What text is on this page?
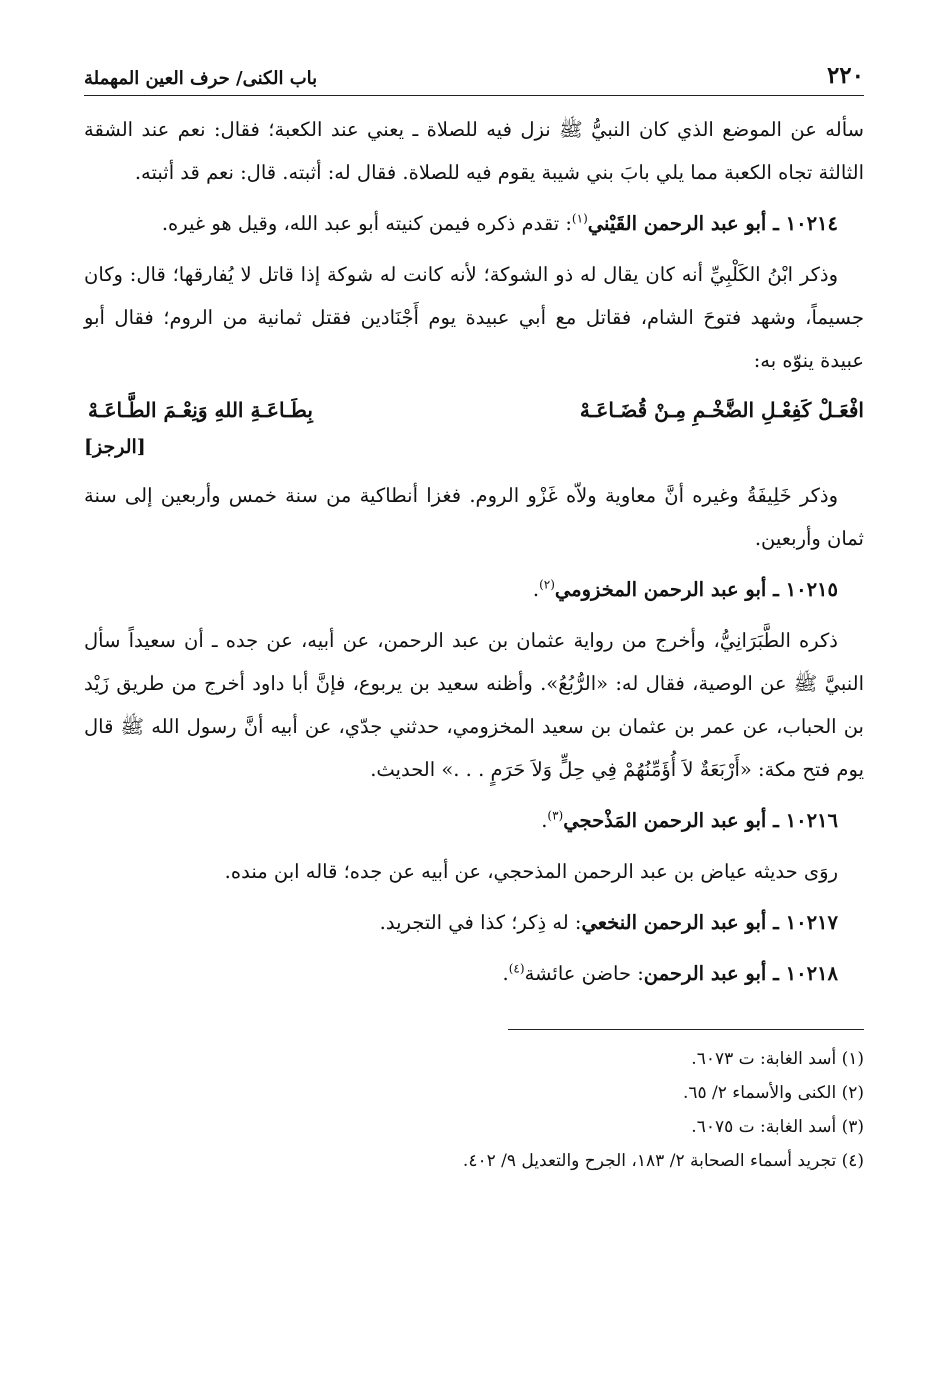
٢٢٠
باب الكنى/ حرف العين المهملة

سأله عن الموضع الذي كان النبيُّ ﷺ نزل فيه للصلاة ـ يعني عند الكعبة؛ فقال: نعم عند الشقة الثالثة تجاه الكعبة مما يلي بابَ بني شيبة يقوم فيه للصلاة. فقال له: أثبته. قال: نعم قد أثبته.

١٠٢١٤ ـ أبو عبد الرحمن القَيْني$^{(١)}$: تقدم ذكره فيمن كنيته أبو عبد الله، وقيل هو غيره.

وذكر ابْنُ الكَلْبِيِّ أنه كان يقال له ذو الشوكة؛ لأنه كانت له شوكة إذا قاتل لا يُفارقها؛ قال: وكان جسيماً، وشهد فتوحَ الشام، فقاتل مع أبي عبيدة يوم أَجْنَادين فقتل ثمانية من الروم؛ فقال أبو عبيدة ينوّه به:

افْعَـلْ كَفِعْـلِ الضَّخْـمِ مِـنْ قُضَـاعَـهْ
بِطَـاعَـةِ اللهِ وَنِعْـمَ الطَّـاعَـهْ
[الرجز]

وذكر خَلِيفَةُ وغيره أنَّ معاوية ولاّه غَزْو الروم. فغزا أنطاكية من سنة خمس وأربعين إلى سنة ثمان وأربعين.

١٠٢١٥ ـ أبو عبد الرحمن المخزومي$^{(٢)}$.

ذكره الطَّبَرَانِيُّ، وأخرج من رواية عثمان بن عبد الرحمن، عن أبيه، عن جده ـ أن سعيداً سأل النبيَّ ﷺ عن الوصية، فقال له: «الرُّبُعُ». وأظنه سعيد بن يربوع، فإنَّ أبا داود أخرج من طريق زَيْد بن الحباب، عن عمر بن عثمان بن سعيد المخزومي، حدثني جدّي، عن أبيه أنَّ رسول الله ﷺ قال يوم فتح مكة: «أَرْبَعَةٌ لاَ أُؤَمِّنُهُمْ فِي حِلٍّ وَلاَ حَرَمٍ . . .» الحديث.

١٠٢١٦ ـ أبو عبد الرحمن المَذْحجي$^{(٣)}$.

روَى حديثه عياض بن عبد الرحمن المذحجي، عن أبيه عن جده؛ قاله ابن منده.

١٠٢١٧ ـ أبو عبد الرحمن النخعي: له ذِكر؛ كذا في التجريد.

١٠٢١٨ ـ أبو عبد الرحمن: حاضن عائشة$^{(٤)}$.

(١) أسد الغابة: ت ٦٠٧٣.
(٢) الكنى والأسماء ٢/ ٦٥.
(٣) أسد الغابة: ت ٦٠٧٥.
(٤) تجريد أسماء الصحابة ٢/ ١٨٣، الجرح والتعديل ٩/ ٤٠٢.
